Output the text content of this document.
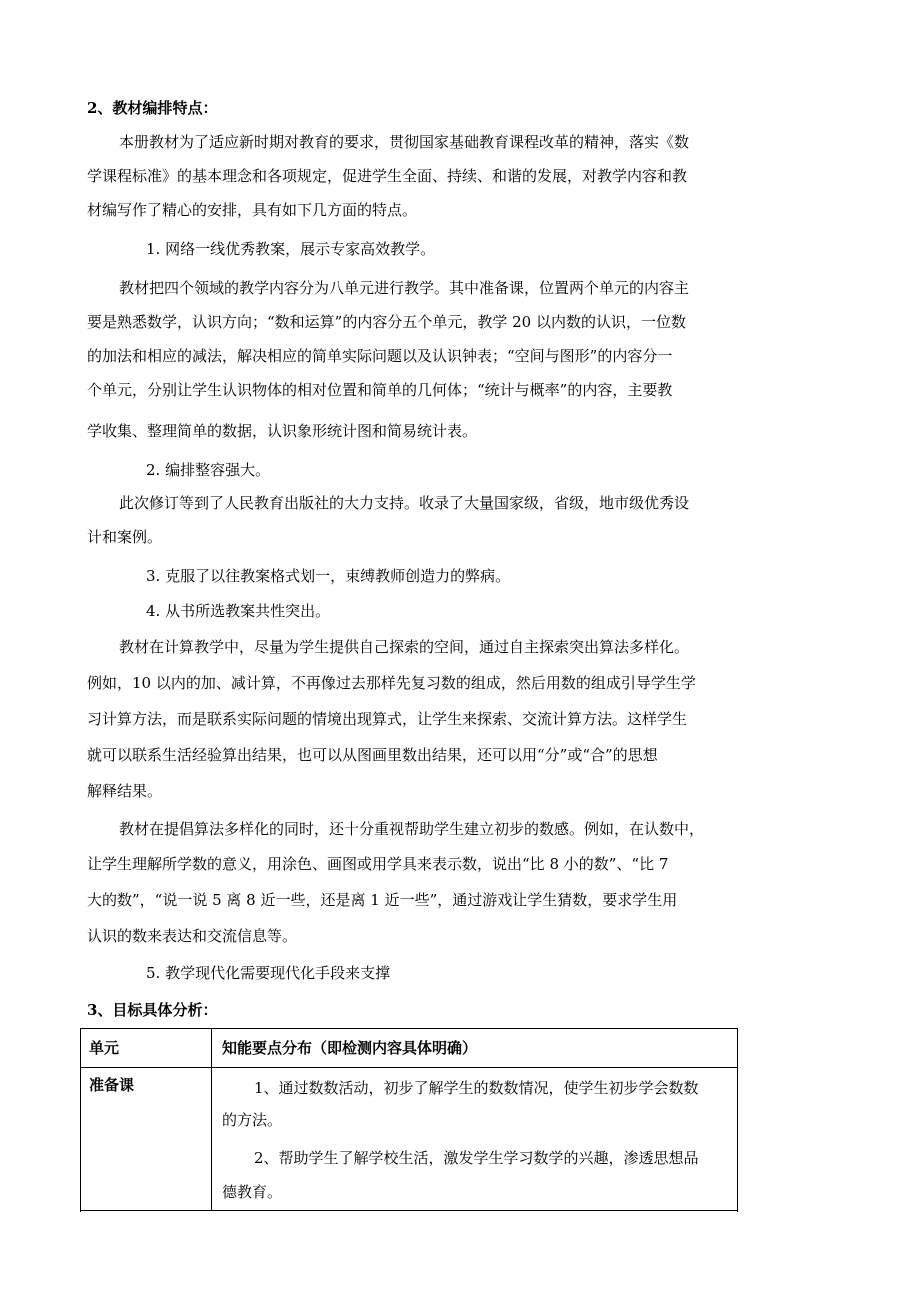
2、教材编排特点：
本册教材为了适应新时期对教育的要求，贯彻国家基础教育课程改革的精神，落实《数
学课程标准》的基本理念和各项规定，促进学生全面、持续、和谐的发展，对教学内容和教
材编写作了精心的安排，具有如下几方面的特点。
1. 网络一线优秀教案，展示专家高效教学。
教材把四个领域的教学内容分为八单元进行教学。其中准备课，位置两个单元的内容主
要是熟悉数学，认识方向；“数和运算”的内容分五个单元，教学 20 以内数的认识，一位数
的加法和相应的减法，解决相应的简单实际问题以及认识钟表；“空间与图形”的内容分一
个单元，分别让学生认识物体的相对位置和简单的几何体；“统计与概率”的内容，主要教
学收集、整理简单的数据，认识象形统计图和简易统计表。
2. 编排整容强大。
此次修订等到了人民教育出版社的大力支持。收录了大量国家级，省级，地市级优秀设
计和案例。
3. 克服了以往教案格式划一，束缚教师创造力的弊病。
4. 从书所选教案共性突出。
教材在计算教学中，尽量为学生提供自己探索的空间，通过自主探索突出算法多样化。
例如，10 以内的加、减计算，不再像过去那样先复习数的组成，然后用数的组成引导学生学
习计算方法，而是联系实际问题的情境出现算式，让学生来探索、交流计算方法。这样学生
就可以联系生活经验算出结果，也可以从图画里数出结果，还可以用“分”或“合”的思想
解释结果。
教材在提倡算法多样化的同时，还十分重视帮助学生建立初步的数感。例如，在认数中，
让学生理解所学数的意义，用涂色、画图或用学具来表示数，说出“比 8 小的数”、“比 7
大的数”，“说一说 5 离 8 近一些，还是离 1 近一些”，通过游戏让学生猜数，要求学生用
认识的数来表达和交流信息等。
5. 教学现代化需要现代化手段来支撑
3、目标具体分析：
单元	知能要点分布（即检测内容具体明确）
准备课	1、通过数数活动，初步了解学生的数数情况，使学生初步学会数数
的方法。
2、帮助学生了解学校生活，激发学生学习数学的兴趣，渗透思想品
德教育。
